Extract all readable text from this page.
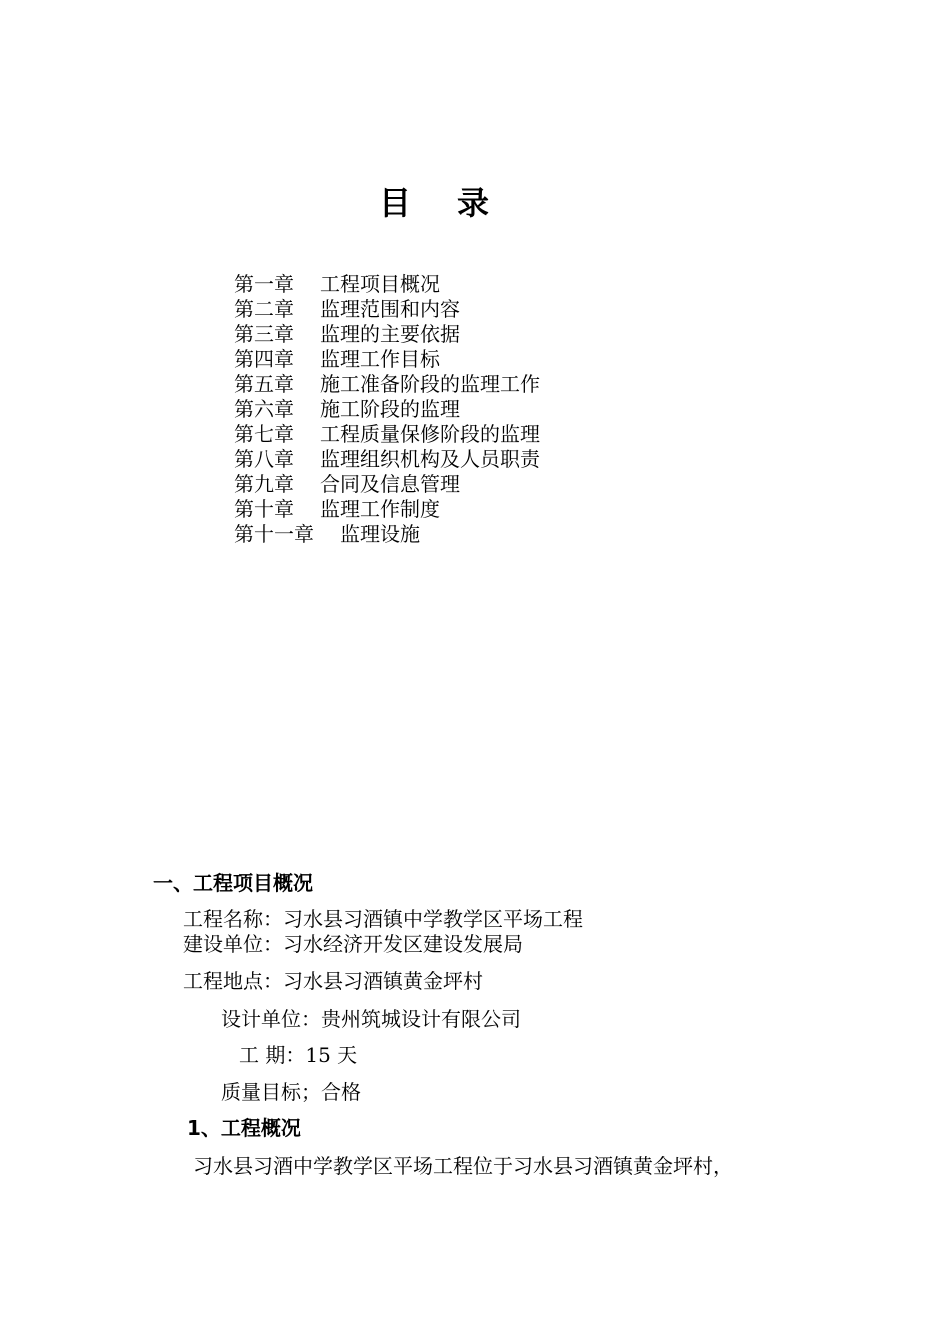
目 录
第一章 工程项目概况
第二章 监理范围和内容
第三章 监理的主要依据
第四章 监理工作目标
第五章 施工准备阶段的监理工作
第六章 施工阶段的监理
第七章 工程质量保修阶段的监理
第八章 监理组织机构及人员职责
第九章 合同及信息管理
第十章 监理工作制度
第十一章 监理设施
一、工程项目概况
工程名称：习水县习酒镇中学教学区平场工程
建设单位：习水经济开发区建设发展局
工程地点：习水县习酒镇黄金坪村
设计单位：贵州筑城设计有限公司
工 期：15 天
质量目标；合格
1、工程概况
习水县习酒中学教学区平场工程位于习水县习酒镇黄金坪村，
